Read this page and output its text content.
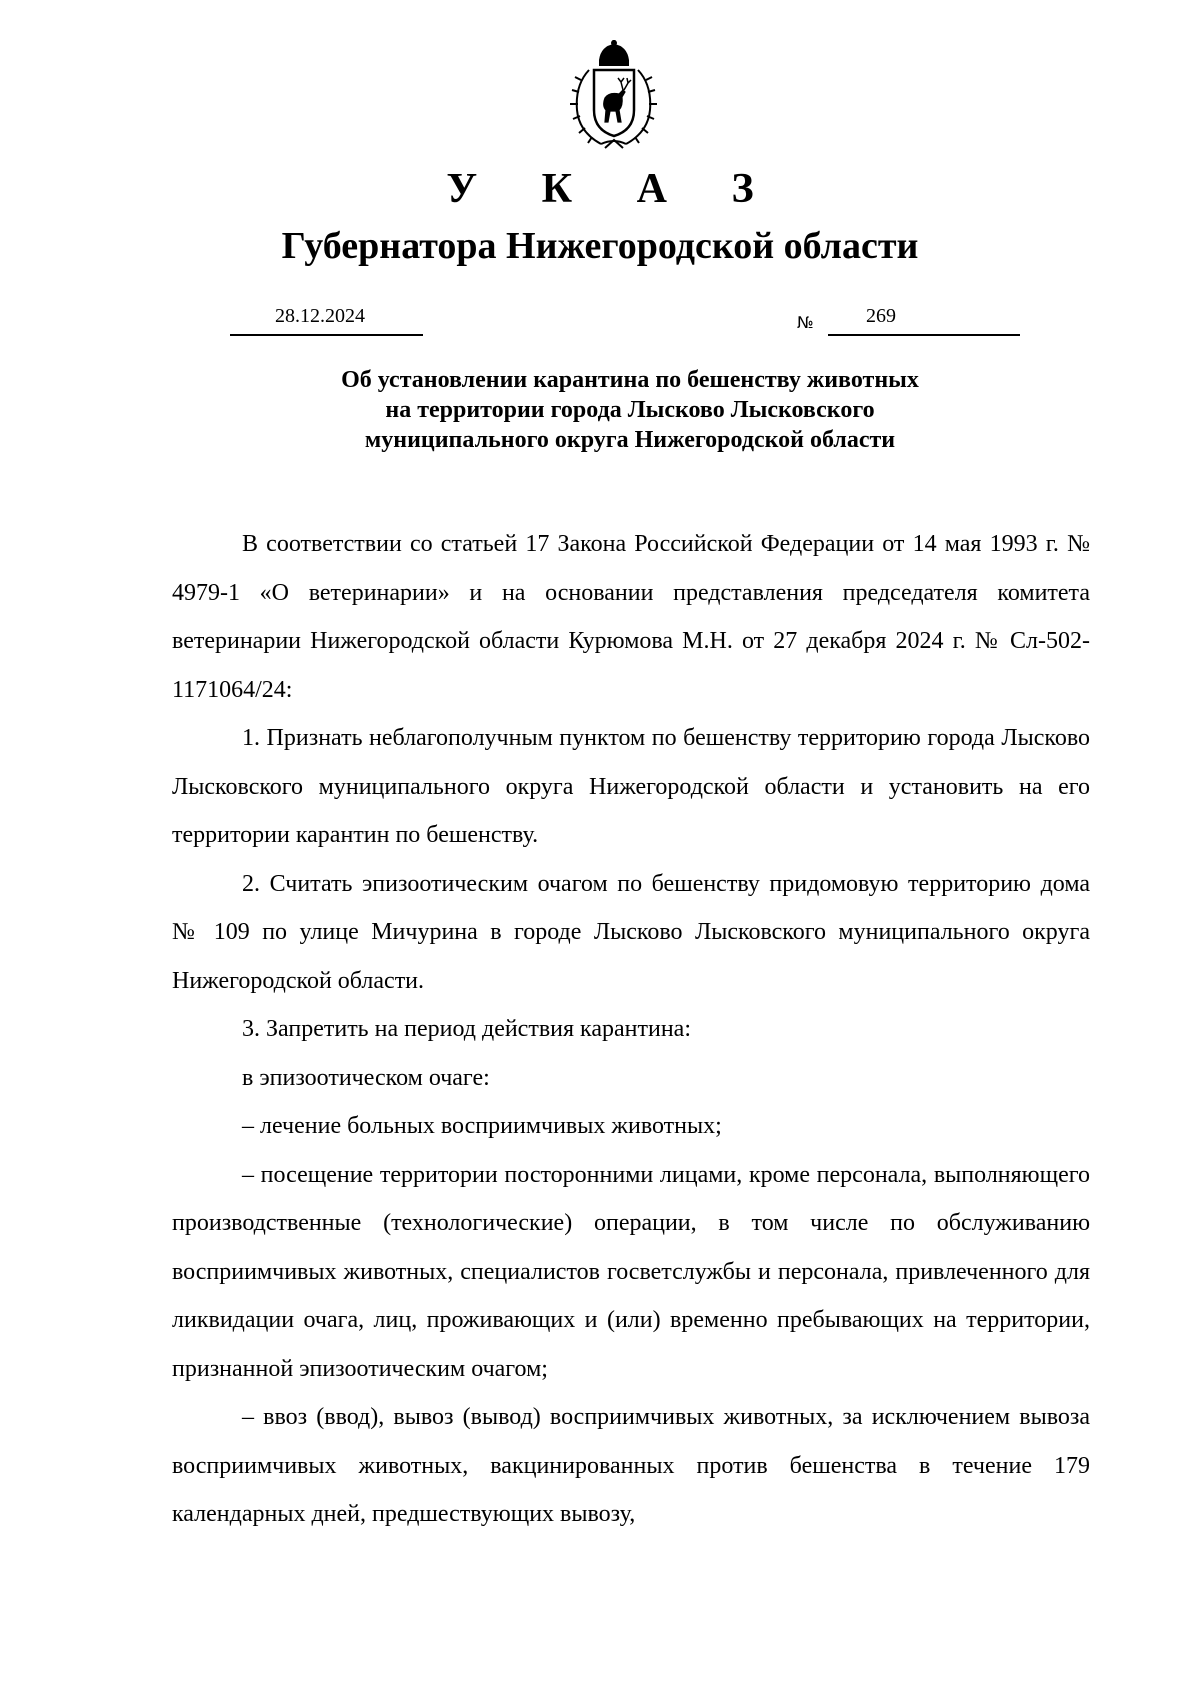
У К А З
Губернатора Нижегородской области
28.12.2024	№	269
Об установлении карантина по бешенству животных
на территории города Лысково Лысковского
муниципального округа Нижегородской области

В соответствии со статьей 17 Закона Российской Федерации от 14 мая 1993 г. № 4979-1 «О ветеринарии» и на основании представления председателя комитета ветеринарии Нижегородской области Курюмова М.Н. от 27 декабря 2024 г. № Сл-502-1171064/24:

1. Признать неблагополучным пунктом по бешенству территорию города Лысково Лысковского муниципального округа Нижегородской области и установить на его территории карантин по бешенству.

2. Считать эпизоотическим очагом по бешенству придомовую территорию дома № 109 по улице Мичурина в городе Лысково Лысковского муниципального округа Нижегородской области.

3. Запретить на период действия карантина:

в эпизоотическом очаге:

– лечение больных восприимчивых животных;

– посещение территории посторонними лицами, кроме персонала, выполняющего производственные (технологические) операции, в том числе по обслуживанию восприимчивых животных, специалистов госветслужбы и персонала, привлеченного для ликвидации очага, лиц, проживающих и (или) временно пребывающих на территории, признанной эпизоотическим очагом;

– ввоз (ввод), вывоз (вывод) восприимчивых животных, за исключением вывоза восприимчивых животных, вакцинированных против бешенства в течение 179 календарных дней, предшествующих вывозу,
